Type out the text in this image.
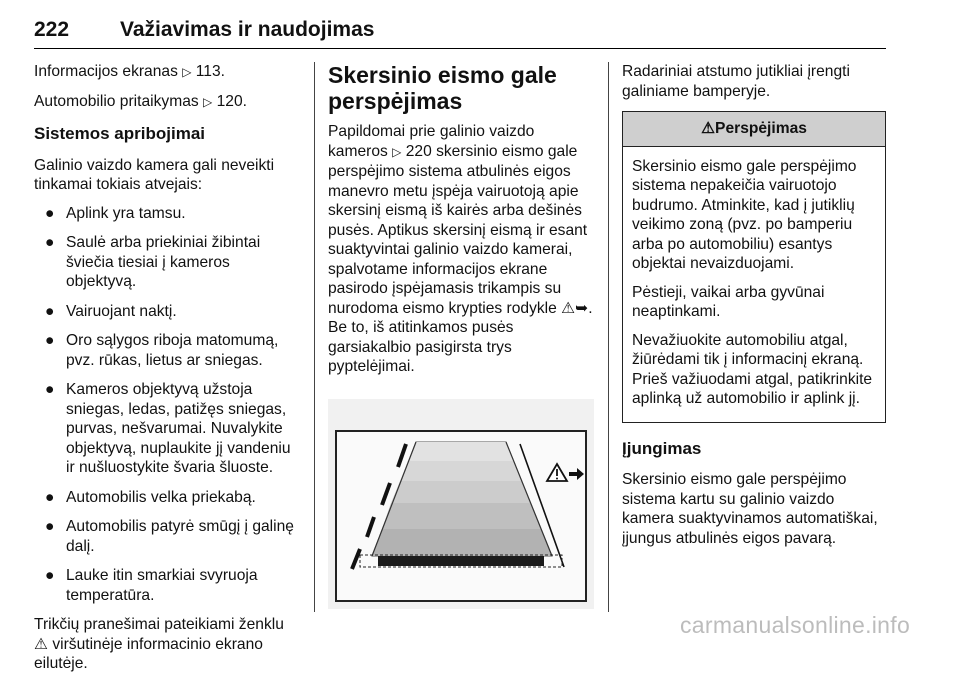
222 Važiavimas ir naudojimas
Informacijos ekranas ▷ 113.
Automobilio pritaikymas ▷ 120.
Sistemos apribojimai
Galinio vaizdo kamera gali neveikti tinkamai tokiais atvejais:
● Aplink yra tamsu.
● Saulė arba priekiniai žibintai šviečia tiesiai į kameros objektyvą.
● Vairuojant naktį.
● Oro sąlygos riboja matomumą, pvz. rūkas, lietus ar sniegas.
● Kameros objektyvą užstoja sniegas, ledas, patižęs sniegas, purvas, nešvarumai. Nuvalykite objektyvą, nuplaukite jį vandeniu ir nušluostykite švaria šluoste.
● Automobilis velka priekabą.
● Automobilis patyrė smūgį į galinę dalį.
● Lauke itin smarkiai svyruoja temperatūra.
Trikčių pranešimai pateikiami ženklu ⚠ viršutinėje informacinio ekrano eilutėje.
Skersinio eismo gale perspėjimas
Papildomai prie galinio vaizdo kameros ▷ 220 skersinio eismo gale perspėjimo sistema atbulinės eigos manevro metu įspėja vairuotoją apie skersinį eismą iš kairės arba dešinės pusės. Aptikus skersinį eismą ir esant suaktyvintai galinio vaizdo kamerai, spalvotame informacijos ekrane pasirodo įspėjamasis trikampis su nurodoma eismo krypties rodykle ⚠➥. Be to, iš atitinkamos pusės garsiakalbio pasigirsta trys pyptelėjimai.
Radariniai atstumo jutikliai įrengti galiniame bamperyje.
⚠Perspėjimas
Skersinio eismo gale perspėjimo sistema nepakeičia vairuotojo budrumo. Atminkite, kad į jutiklių veikimo zoną (pvz. po bamperiu arba po automobiliu) esantys objektai nevaizduojami.
Pėstieji, vaikai arba gyvūnai neaptinkami.
Nevažiuokite automobiliu atgal, žiūrėdami tik į informacinį ekraną. Prieš važiuodami atgal, patikrinkite aplinką už automobilio ir aplink jį.
Įjungimas
Skersinio eismo gale perspėjimo sistema kartu su galinio vaizdo kamera suaktyvinamos automatiškai, įjungus atbulinės eigos pavarą.
carmanualsonline.info
